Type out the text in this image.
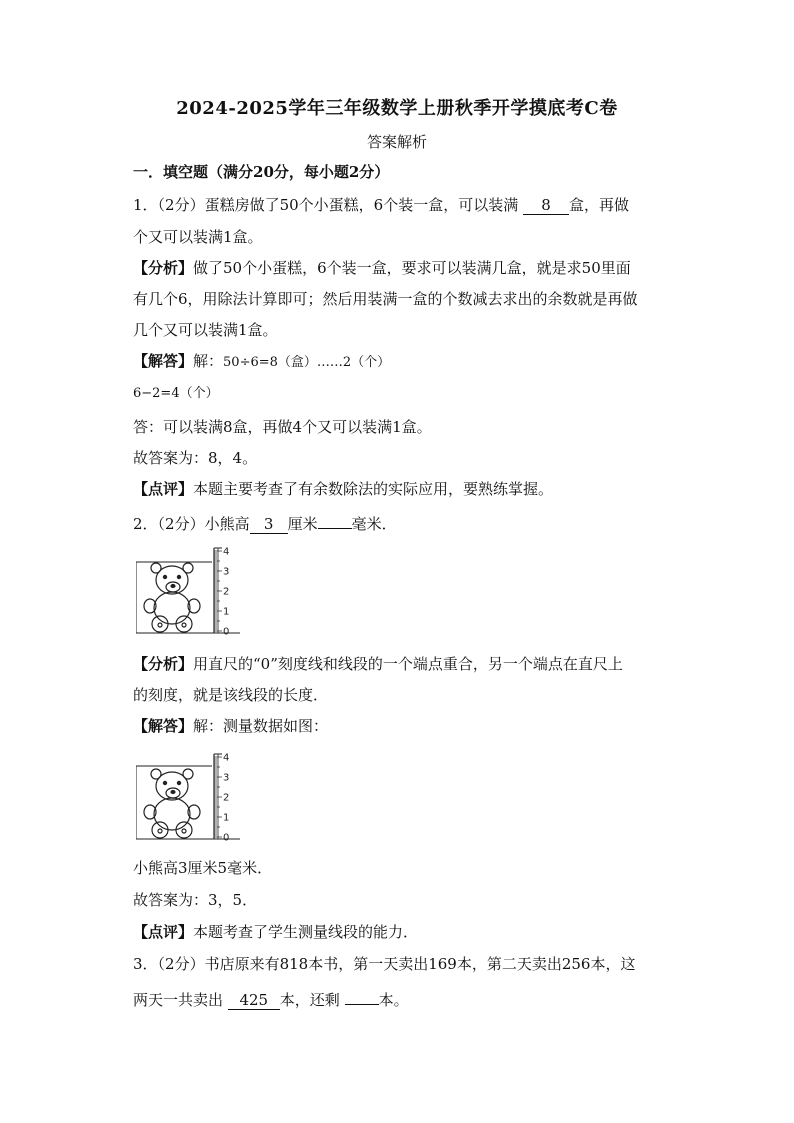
2024-2025学年三年级数学上册秋季开学摸底考C卷
答案解析
一．填空题（满分20分，每小题2分）
1．（2分）蛋糕房做了50个小蛋糕，6个装一盒，可以装满 8 盒，再做
个又可以装满1盒。
【分析】做了50个小蛋糕，6个装一盒，要求可以装满几盒，就是求50里面
有几个6，用除法计算即可；然后用装满一盒的个数减去求出的余数就是再做
几个又可以装满1盒。
【解答】解：50÷6=8（盒）……2（个）
6−2=4（个）
答：可以装满8盒，再做4个又可以装满1盒。
故答案为：8，4。
【点评】本题主要考查了有余数除法的实际应用，要熟练掌握。
2．（2分）小熊高 3 厘米 毫米．
4
3
2
1
0
【分析】用直尺的“0”刻度线和线段的一个端点重合，另一个端点在直尺上
的刻度，就是该线段的长度．
【解答】解：测量数据如图：
4
3
2
1
0
小熊高3厘米5毫米．
故答案为：3，5．
【点评】本题考查了学生测量线段的能力．
3．（2分）书店原来有818本书，第一天卖出169本，第二天卖出256本，这
两天一共卖出 425 本，还剩	本。
